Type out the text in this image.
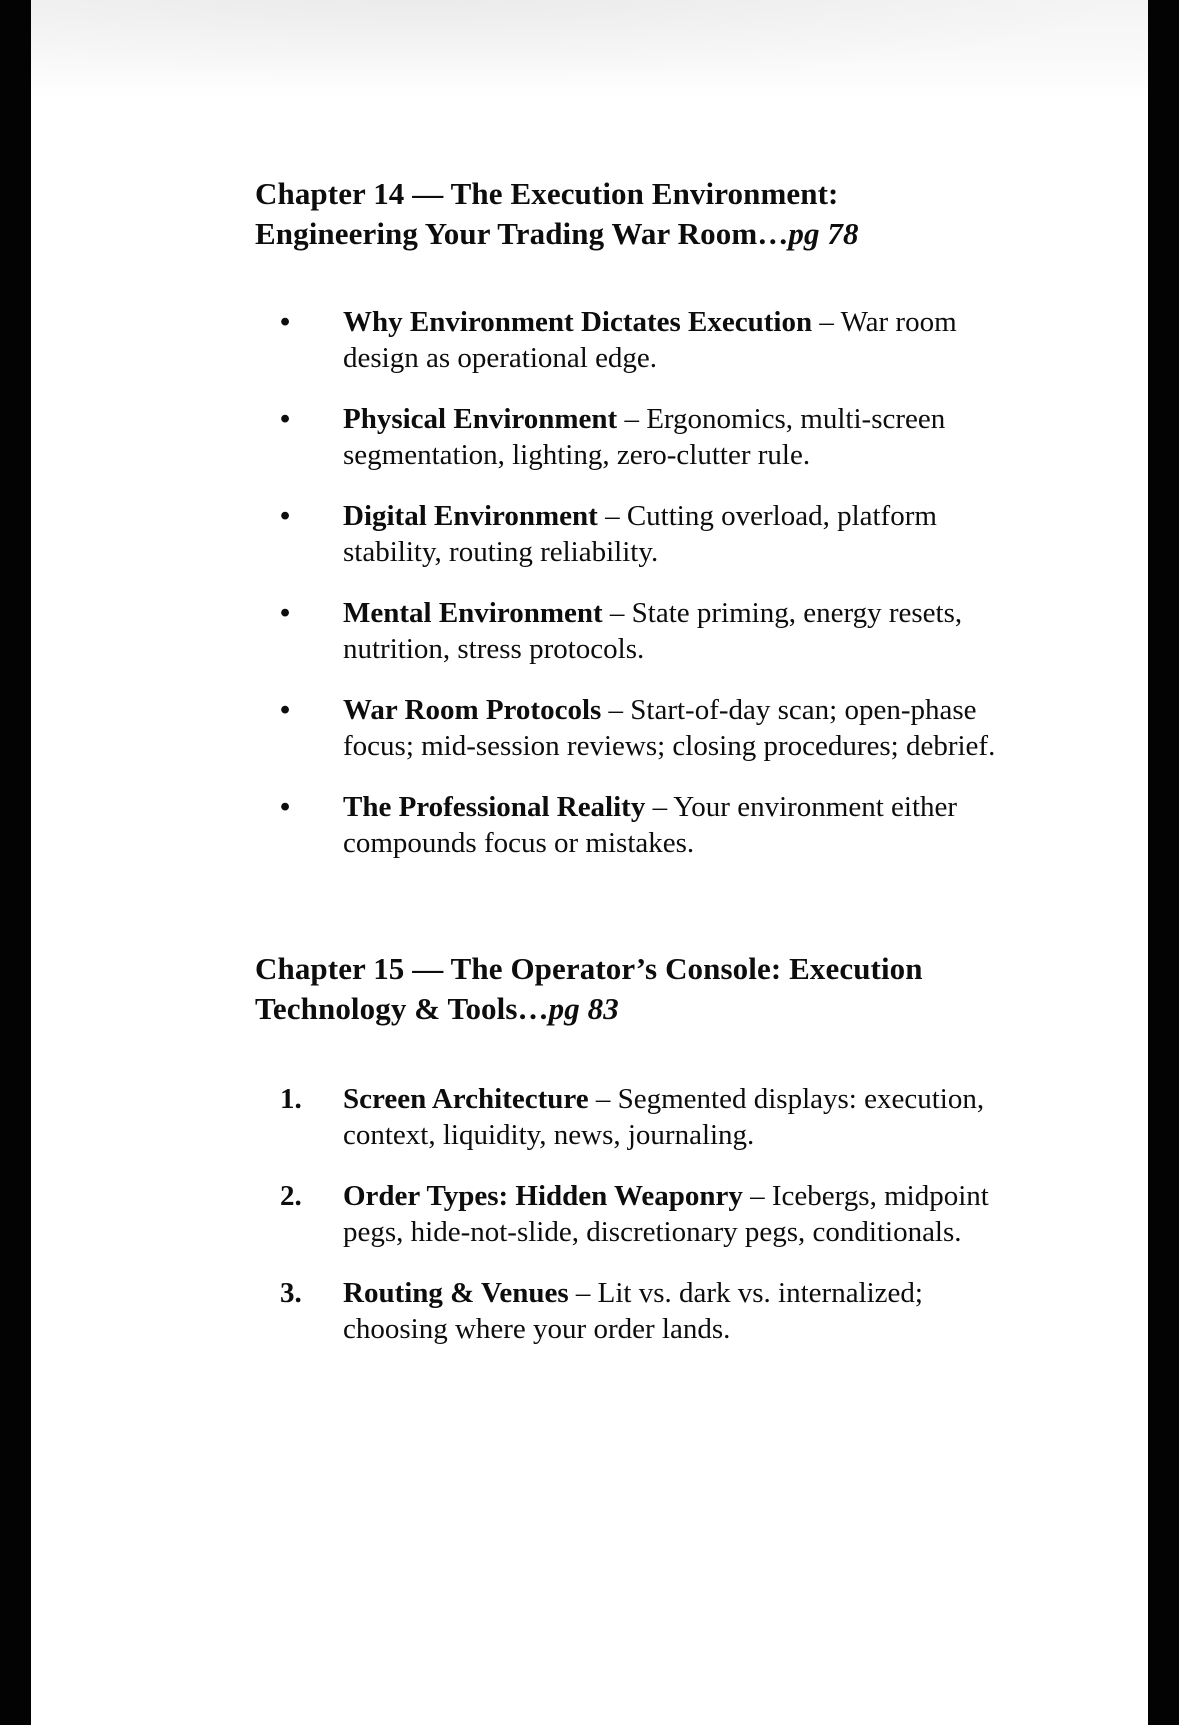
Chapter 14 — The Execution Environment:
Engineering Your Trading War Room…pg 78
• Why Environment Dictates Execution – War room design as operational edge.
• Physical Environment – Ergonomics, multi-screen segmentation, lighting, zero-clutter rule.
• Digital Environment – Cutting overload, platform stability, routing reliability.
• Mental Environment – State priming, energy resets, nutrition, stress protocols.
• War Room Protocols – Start-of-day scan; open-phase focus; mid-session reviews; closing procedures; debrief.
• The Professional Reality – Your environment either compounds focus or mistakes.
Chapter 15 — The Operator’s Console: Execution
Technology & Tools…pg 83
1. Screen Architecture – Segmented displays: execution, context, liquidity, news, journaling.
2. Order Types: Hidden Weaponry – Icebergs, midpoint pegs, hide-not-slide, discretionary pegs, conditionals.
3. Routing & Venues – Lit vs. dark vs. internalized; choosing where your order lands.
